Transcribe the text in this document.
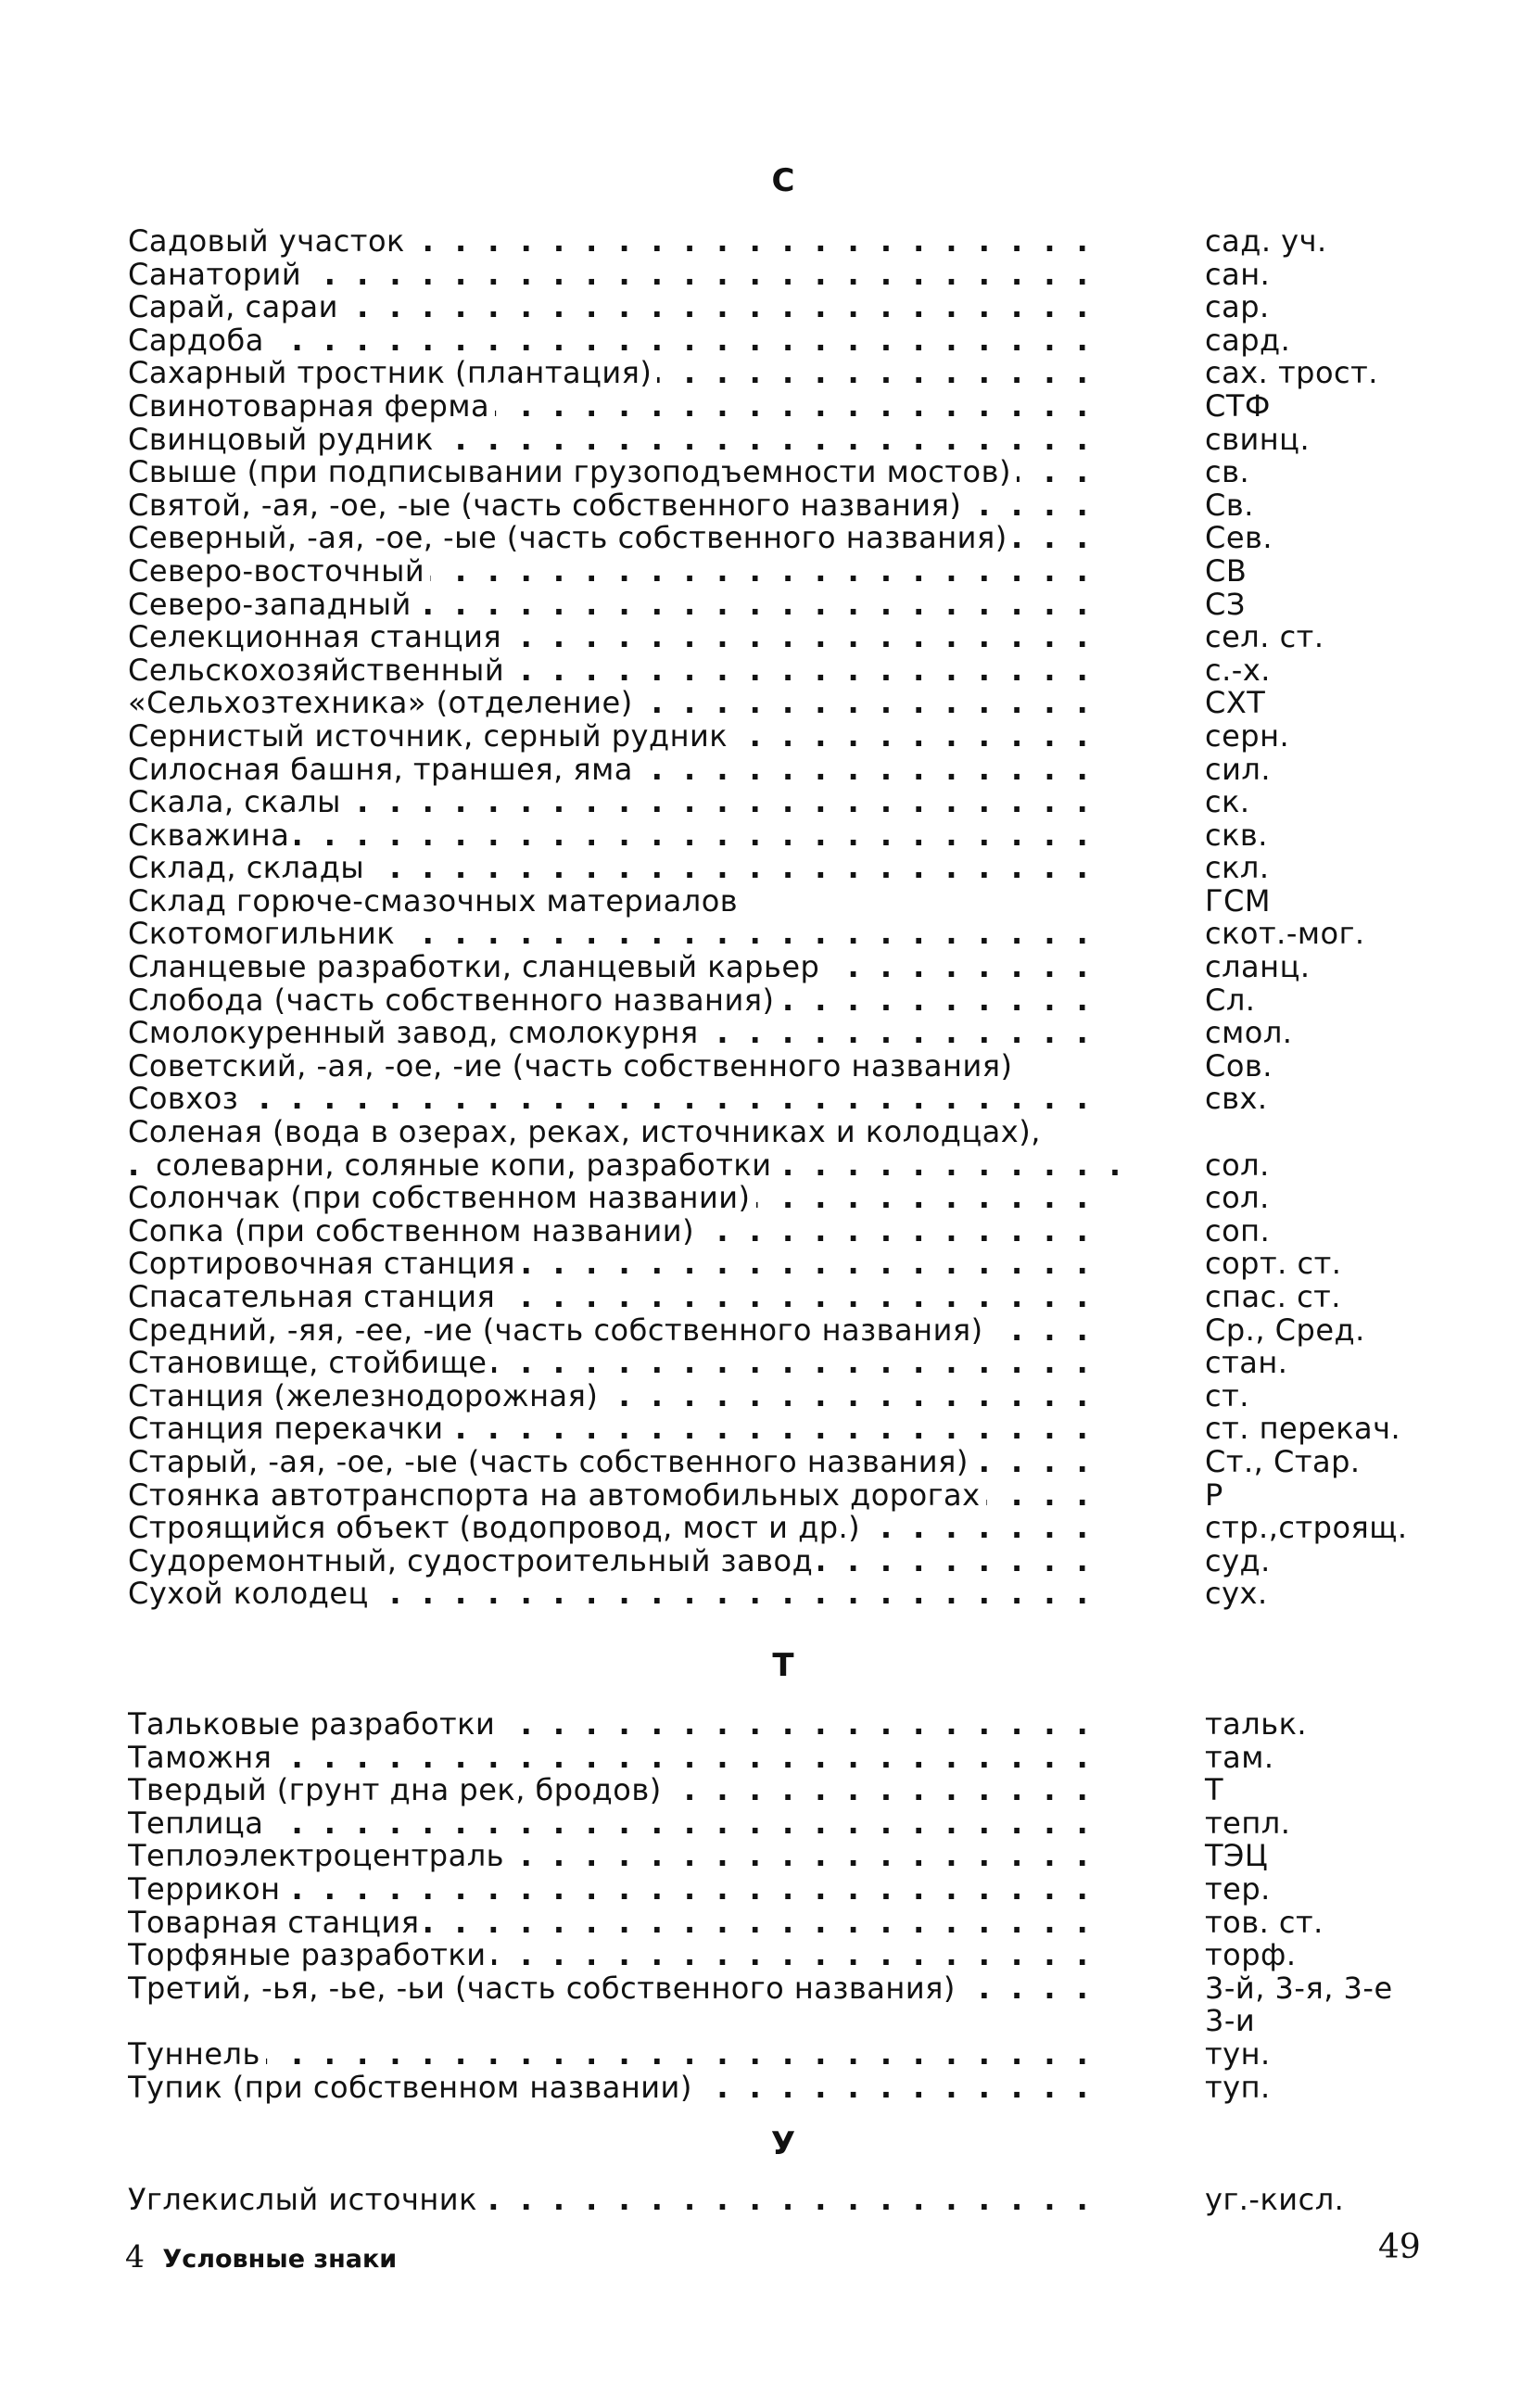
С
Садовый участок . . .	сад. уч.
Санаторий . . .	сан.
Сарай, сараи . . .	сар.
Сардоба . . .	сард.
Сахарный тростник (плантация) . . .	сах. трост.
Свинотоварная ферма . . .	СТФ
Свинцовый рудник . . .	свинц.
Свыше (при подписывании грузоподъемности мостов) . . .	св.
Святой, -ая, -ое, -ые (часть собственного названия) . . .	Св.
Северный, -ая, -ое, -ые (часть собственного названия) . . .	Сев.
Северо-восточный . . .	СВ
Северо-западный . . .	СЗ
Селекционная станция . . .	сел. ст.
Сельскохозяйственный . . .	с.-х.
«Сельхозтехника» (отделение) . . .	СХТ
Сернистый источник, серный рудник . . .	серн.
Силосная башня, траншея, яма . . .	сил.
Скала, скалы . . .	ск.
Скважина . . .	скв.
Склад, склады . . .	скл.
Склад горюче-смазочных материалов	ГСМ
Скотомогильник . . .	скот.-мог.
Сланцевые разработки, сланцевый карьер . . .	сланц.
Слобода (часть собственного названия) . . .	Сл.
Смолокуренный завод, смолокурня . . .	смол.
Советский, -ая, -ое, -ие (часть собственного названия)	Сов.
Совхоз . . .	свх.
Соленая (вода в озерах, реках, источниках и колодцах),
солеварни, соляные копи, разработки . . .	сол.
Солончак (при собственном названии) . . .	сол.
Сопка (при собственном названии) . . .	соп.
Сортировочная станция . . .	сорт. ст.
Спасательная станция . . .	спас. ст.
Средний, -яя, -ее, -ие (часть собственного названия) . . .	Ср., Сред.
Становище, стойбище . . .	стан.
Станция (железнодорожная) . . .	ст.
Станция перекачки . . .	ст. перекач.
Старый, -ая, -ое, -ые (часть собственного названия) . . .	Ст., Стар.
Стоянка автотранспорта на автомобильных дорогах . . .	Р
Строящийся объект (водопровод, мост и др.) . . .	стр.,строящ.
Судоремонтный, судостроительный завод . . .	суд.
Сухой колодец . . .	сух.
Т
Тальковые разработки . . .	тальк.
Таможня . . .	там.
Твердый (грунт дна рек, бродов) . . .	Т
Теплица . . .	тепл.
Теплоэлектроцентраль . . .	ТЭЦ
Террикон . . .	тер.
Товарная станция . . .	тов. ст.
Торфяные разработки . . .	торф.
Третий, -ья, -ье, -ьи (часть собственного названия) . . .	3-й, 3-я, 3-е
3-и
Туннель . . .	тун.
Тупик (при собственном названии) . . .	туп.
У
Углекислый источник . . .	уг.-кисл.
4 Условные знаки	49
